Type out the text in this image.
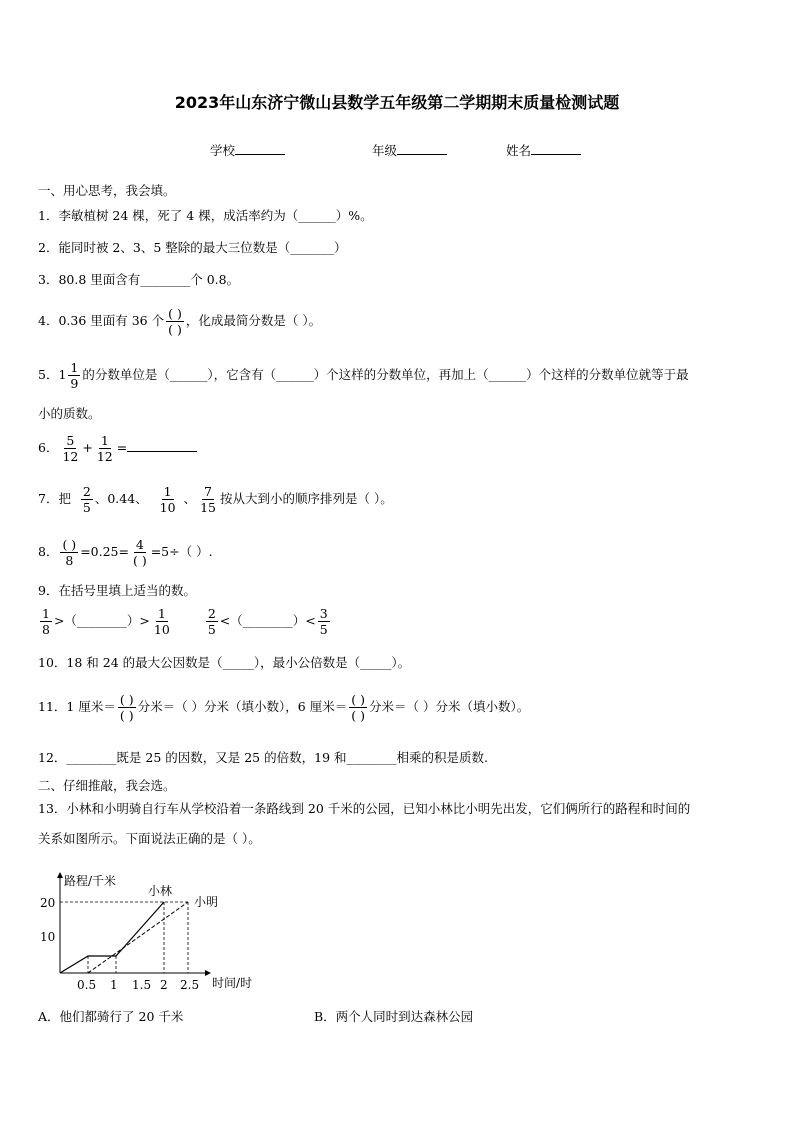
2023年山东济宁微山县数学五年级第二学期期末质量检测试题
学校	年级	姓名
一、用心思考，我会填。
1．李敏植树 24 棵，死了 4 棵，成活率约为（______）%。
2．能同时被 2、3、5 整除的最大三位数是（_______）
3．80.8 里面含有________个 0.8。
4．0.36 里面有 36 个 $\frac{( )}{( )}$ ，化成最简分数是（ ）。
5．$1 \frac{1}{9}$ 的分数单位是（______），它含有（______）个这样的分数单位，再加上（______）个这样的分数单位就等于最
小的质数。
6． $\frac{5}{12} + \frac{1}{12}$ =
7．把 $\frac{2}{5}$ 、0.44、 $\frac{1}{10}$ 、 $\frac{7}{15}$ 按从大到小的顺序排列是（ ）。
8． $\frac{( )}{8} =0.25= \frac{4}{( )} =5\div$（ ）.
9．在括号里填上适当的数。
$\frac{1}{8}$ >（________）> $\frac{1}{10}$	$\frac{2}{5}$ <（________）< $\frac{3}{5}$
10．18 和 24 的最大公因数是（_____），最小公倍数是（_____）。
11．1 厘米＝ $\frac{( )}{( )}$ 分米＝（ ）分米（填小数），6 厘米＝ $\frac{( )}{( )}$ 分米＝（ ）分米（填小数）。
12．________既是 25 的因数，又是 25 的倍数，19 和________相乘的积是质数.
二、仔细推敲，我会选。
13．小林和小明骑自行车从学校沿着一条路线到 20 千米的公园，已知小林比小明先出发，它们俩所行的路程和时间的
关系如图所示。下面说法正确的是（ ）。
路程/千米
时间/时
20
10
0.5 1 1.5 2 2.5
小林
小明
A．他们都骑行了 20 千米	B．两个人同时到达森林公园
